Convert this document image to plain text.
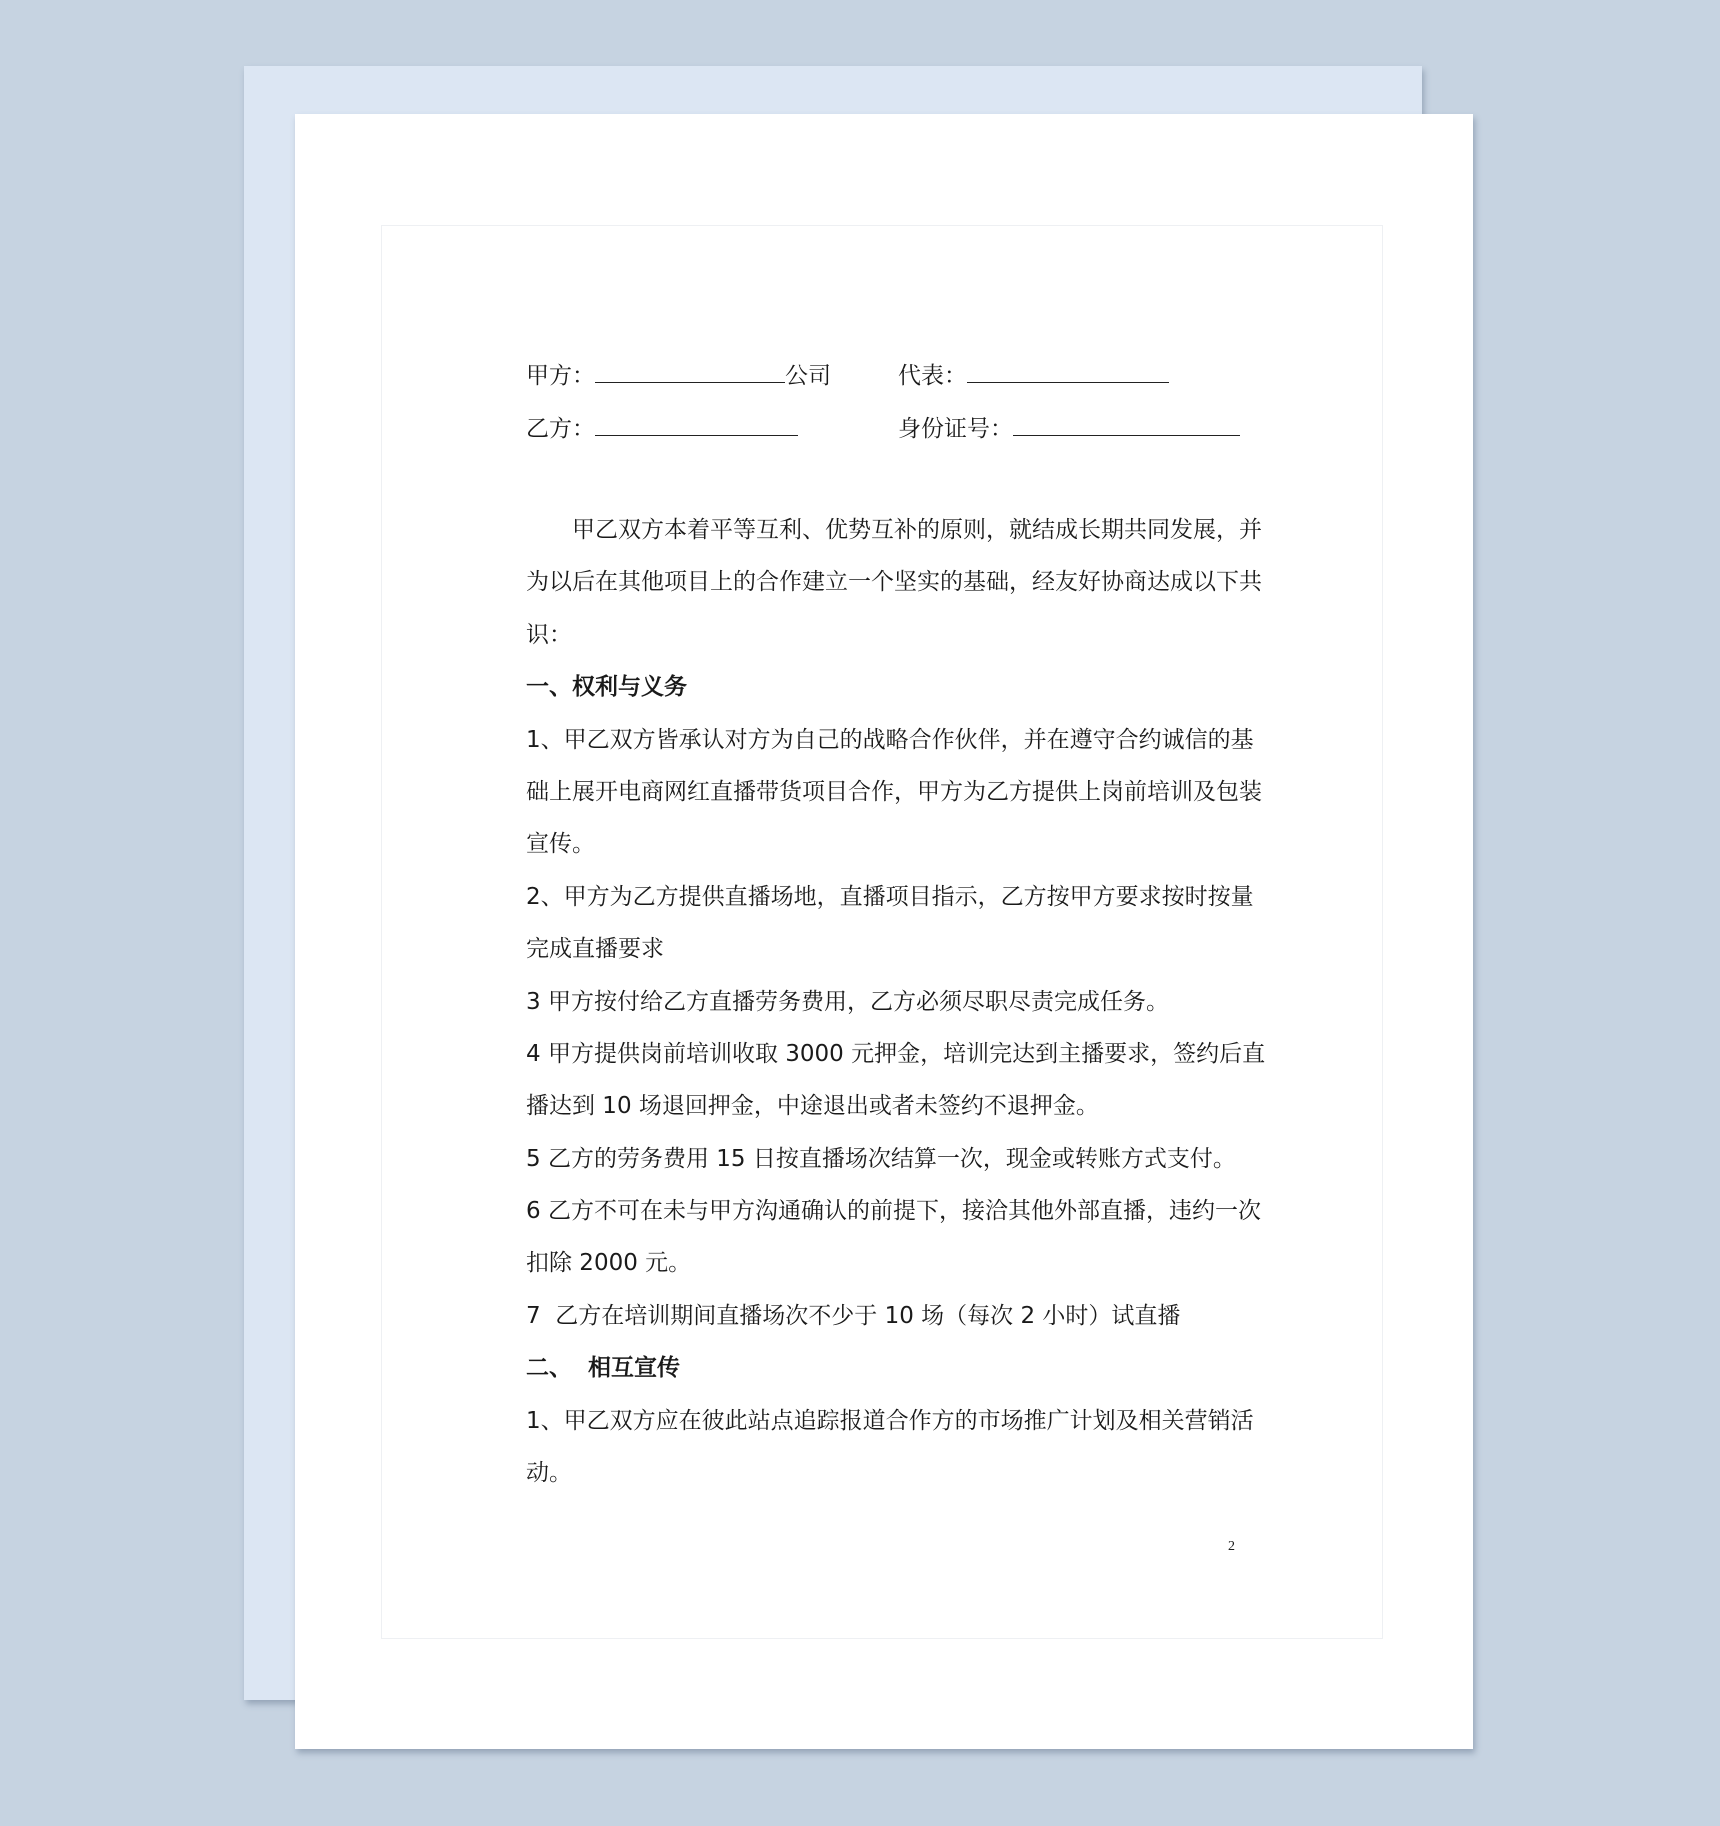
甲方：	公司	代表：
乙方：	身份证号：
甲乙双方本着平等互利、优势互补的原则，就结成长期共同发展，并
为以后在其他项目上的合作建立一个坚实的基础，经友好协商达成以下共
识：
一、权利与义务
1、甲乙双方皆承认对方为自己的战略合作伙伴，并在遵守合约诚信的基
础上展开电商网红直播带货项目合作，甲方为乙方提供上岗前培训及包装
宣传。
2、甲方为乙方提供直播场地，直播项目指示，乙方按甲方要求按时按量
完成直播要求
3 甲方按付给乙方直播劳务费用，乙方必须尽职尽责完成任务。
4 甲方提供岗前培训收取 3000 元押金，培训完达到主播要求，签约后直
播达到 10 场退回押金，中途退出或者未签约不退押金。
5 乙方的劳务费用 15 日按直播场次结算一次，现金或转账方式支付。
6 乙方不可在未与甲方沟通确认的前提下，接洽其他外部直播，违约一次
扣除 2000 元。
7  乙方在培训期间直播场次不少于 10 场（每次 2 小时）试直播
二、  相互宣传
1、甲乙双方应在彼此站点追踪报道合作方的市场推广计划及相关营销活
动。
2
